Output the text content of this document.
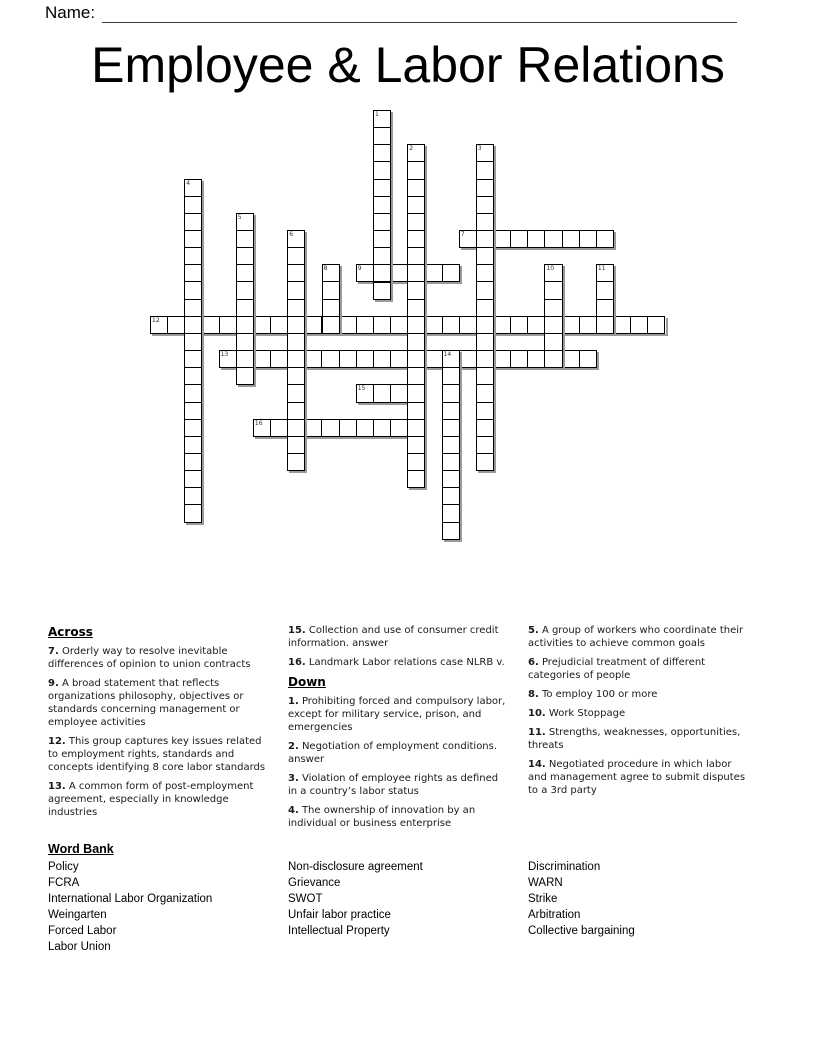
Name:
Employee & Labor Relations
7
9
12
13
15
16
1
2	3
4
5
6
8	10	11
14
Across

7. Orderly way to resolve inevitable differences of opinion to union contracts

9. A broad statement that reflects organizations philosophy, objectives or standards concerning management or employee activities

12. This group captures key issues related to employment rights, standards and concepts identifying 8 core labor standards

13. A common form of post-employment agreement, especially in knowledge industries

15. Collection and use of consumer credit information. answer

16. Landmark Labor relations case NLRB v.

Down

1. Prohibiting forced and compulsory labor, except for military service, prison, and emergencies

2. Negotiation of employment conditions. answer

3. Violation of employee rights as defined in a country’s labor status

4. The ownership of innovation by an individual or business enterprise

5. A group of workers who coordinate their activities to achieve common goals

6. Prejudicial treatment of different categories of people

8. To employ 100 or more

10. Work Stoppage

11. Strengths, weaknesses, opportunities, threats

14. Negotiated procedure in which labor and management agree to submit disputes to a 3rd party

Word Bank
Policy
FCRA
International Labor Organization
Weingarten
Forced Labor
Labor Union
Non-disclosure agreement
Grievance
SWOT
Unfair labor practice
Intellectual Property
Discrimination
WARN
Strike
Arbitration
Collective bargaining
